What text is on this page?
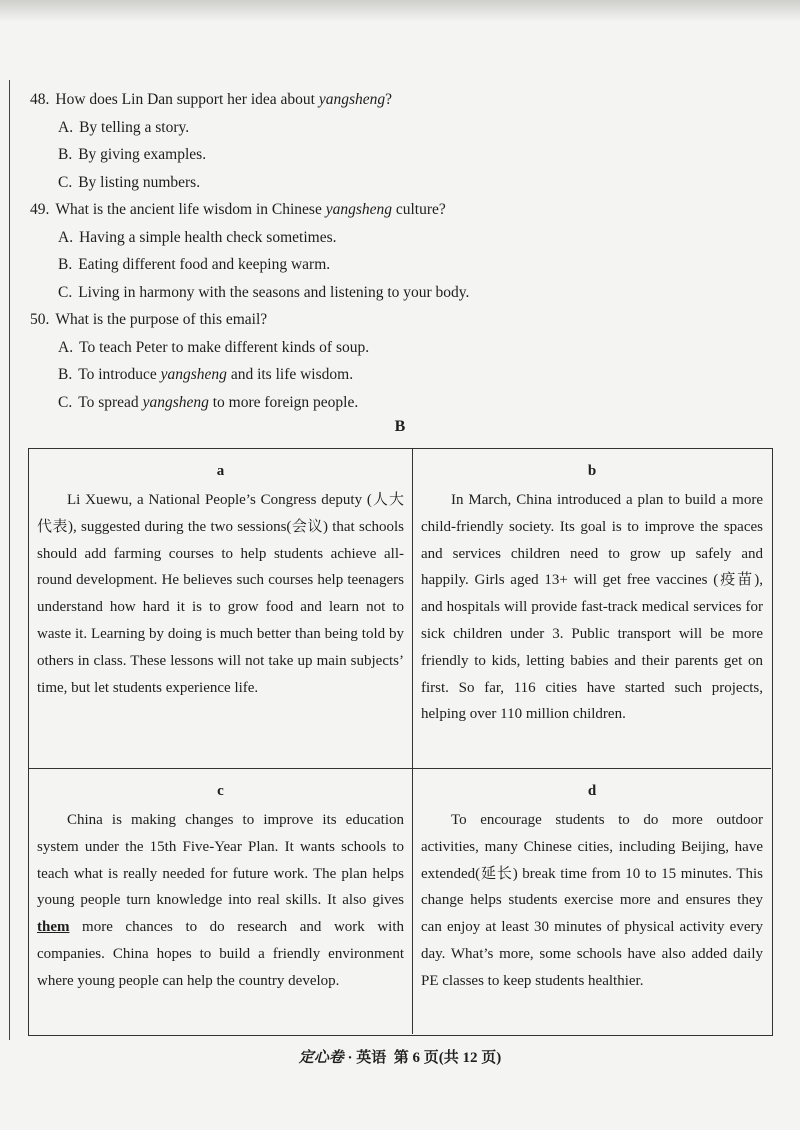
48. How does Lin Dan support her idea about yangsheng?
A. By telling a story.
B. By giving examples.
C. By listing numbers.
49. What is the ancient life wisdom in Chinese yangsheng culture?
A. Having a simple health check sometimes.
B. Eating different food and keeping warm.
C. Living in harmony with the seasons and listening to your body.
50. What is the purpose of this email?
A. To teach Peter to make different kinds of soup.
B. To introduce yangsheng and its life wisdom.
C. To spread yangsheng to more foreign people.
B
a

Li Xuewu, a National People’s Congress deputy (人大代表), suggested during the two sessions(会议) that schools should add farming courses to help students achieve all-round development. He believes such courses help teenagers understand how hard it is to grow food and learn not to waste it. Learning by doing is much better than being told by others in class. These lessons will not take up main subjects’ time, but let students experience life.

b

In March, China introduced a plan to build a more child-friendly society. Its goal is to improve the spaces and services children need to grow up safely and happily. Girls aged 13+ will get free vaccines (疫苗), and hospitals will provide fast-track medical services for sick children under 3. Public transport will be more friendly to kids, letting babies and their parents get on first. So far, 116 cities have started such projects, helping over 110 million children.

c

China is making changes to improve its education system under the 15th Five-Year Plan. It wants schools to teach what is really needed for future work. The plan helps young people turn knowledge into real skills. It also gives them more chances to do research and work with companies. China hopes to build a friendly environment where young people can help the country develop.

d

To encourage students to do more outdoor activities, many Chinese cities, including Beijing, have extended(延长) break time from 10 to 15 minutes. This change helps students exercise more and ensures they can enjoy at least 30 minutes of physical activity every day. What’s more, some schools have also added daily PE classes to keep students healthier.

定心卷 · 英语 第 6 页(共 12 页)
